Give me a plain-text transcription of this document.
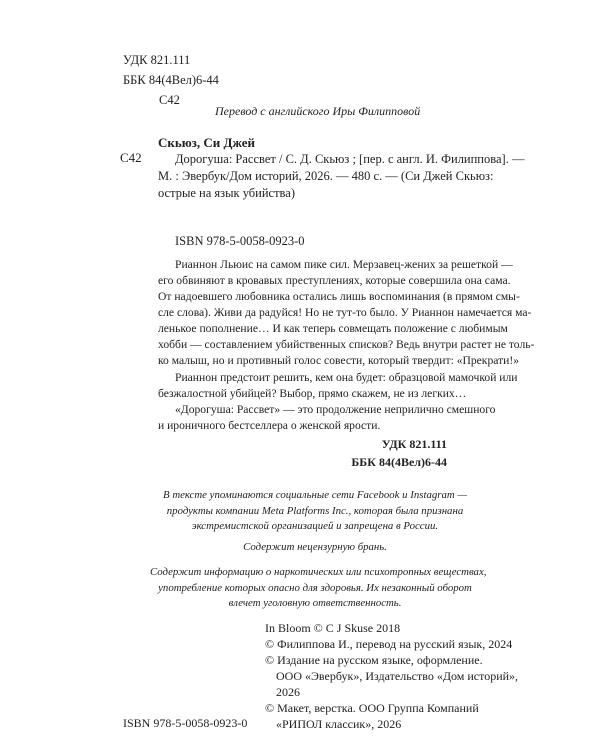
УДК 821.111
ББК 84(4Вел)6-44
С42
Перевод с английского Иры Филипповой
Скьюз, Си Джей
С42	Дорогуша: Рассвет / С. Д. Скьюз ; [пер. с англ. И. Филиппова]. —

М. : Эвербук/Дом историй, 2026. — 480 с. — (Си Джей Скьюз:

острые на язык убийства)

ISBN 978-5-0058-0923-0

Рианнон Льюис на самом пике сил. Мерзавец-жених за решеткой —

его обвиняют в кровавых преступлениях, которые совершила она сама.

От надоевшего любовника остались лишь воспоминания (в прямом смы-

сле слова). Живи да радуйся! Но не тут-то было. У Рианнон намечается ма-

ленькое пополнение… И как теперь совмещать положение с любимым

хобби — составлением убийственных списков? Ведь внутри растет не толь-

ко малыш, но и противный голос совести, который твердит: «Прекрати!»

Рианнон предстоит решить, кем она будет: образцовой мамочкой или

безжалостной убийцей? Выбор, прямо скажем, не из легких…

«Дорогуша: Рассвет» — это продолжение неприлично смешного

и ироничного бестселлера о женской ярости.

УДК 821.111
ББК 84(4Вел)6-44
В тексте упоминаются социальные сети Facebook и Instagram —
продукты компании Meta Platforms Inc., которая была признана
экстремистской организацией и запрещена в России.
Содержит нецензурную брань.
Содержит информацию о наркотических или психотропных веществах,
употребление которых опасно для здоровья. Их незаконный оборот
влечет уголовную ответственность.

In Bloom © C J Skuse 2018

© Филиппова И., перевод на русский язык, 2024

© Издание на русском языке, оформление.

ООО «Эвербук», Издательство «Дом историй»,

2026

© Макет, верстка. ООО Группа Компаний

«РИПОЛ классик», 2026

ISBN 978-5-0058-0923-0
